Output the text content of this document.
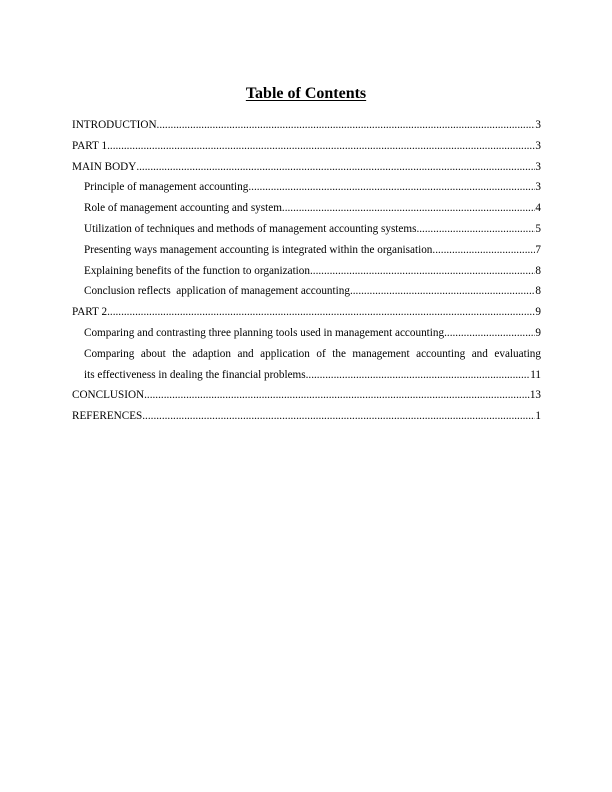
Table of Contents
INTRODUCTION .....	3
PART 1 .....	3
MAIN BODY .....	3
Principle of management accounting .....	3
Role of management accounting and system .....	4
Utilization of techniques and methods of management accounting systems .....	5
Presenting ways management accounting is integrated within the organisation .....	7
Explaining benefits of the function to organization .....	8
Conclusion reflects  application of management accounting .....	8
PART 2 .....	9
Comparing and contrasting three planning tools used in management accounting .....	9
Comparing about the adaption and application of the management accounting and evaluating
its effectiveness in dealing the financial problems .....	11
CONCLUSION .....	13
REFERENCES .....	1
